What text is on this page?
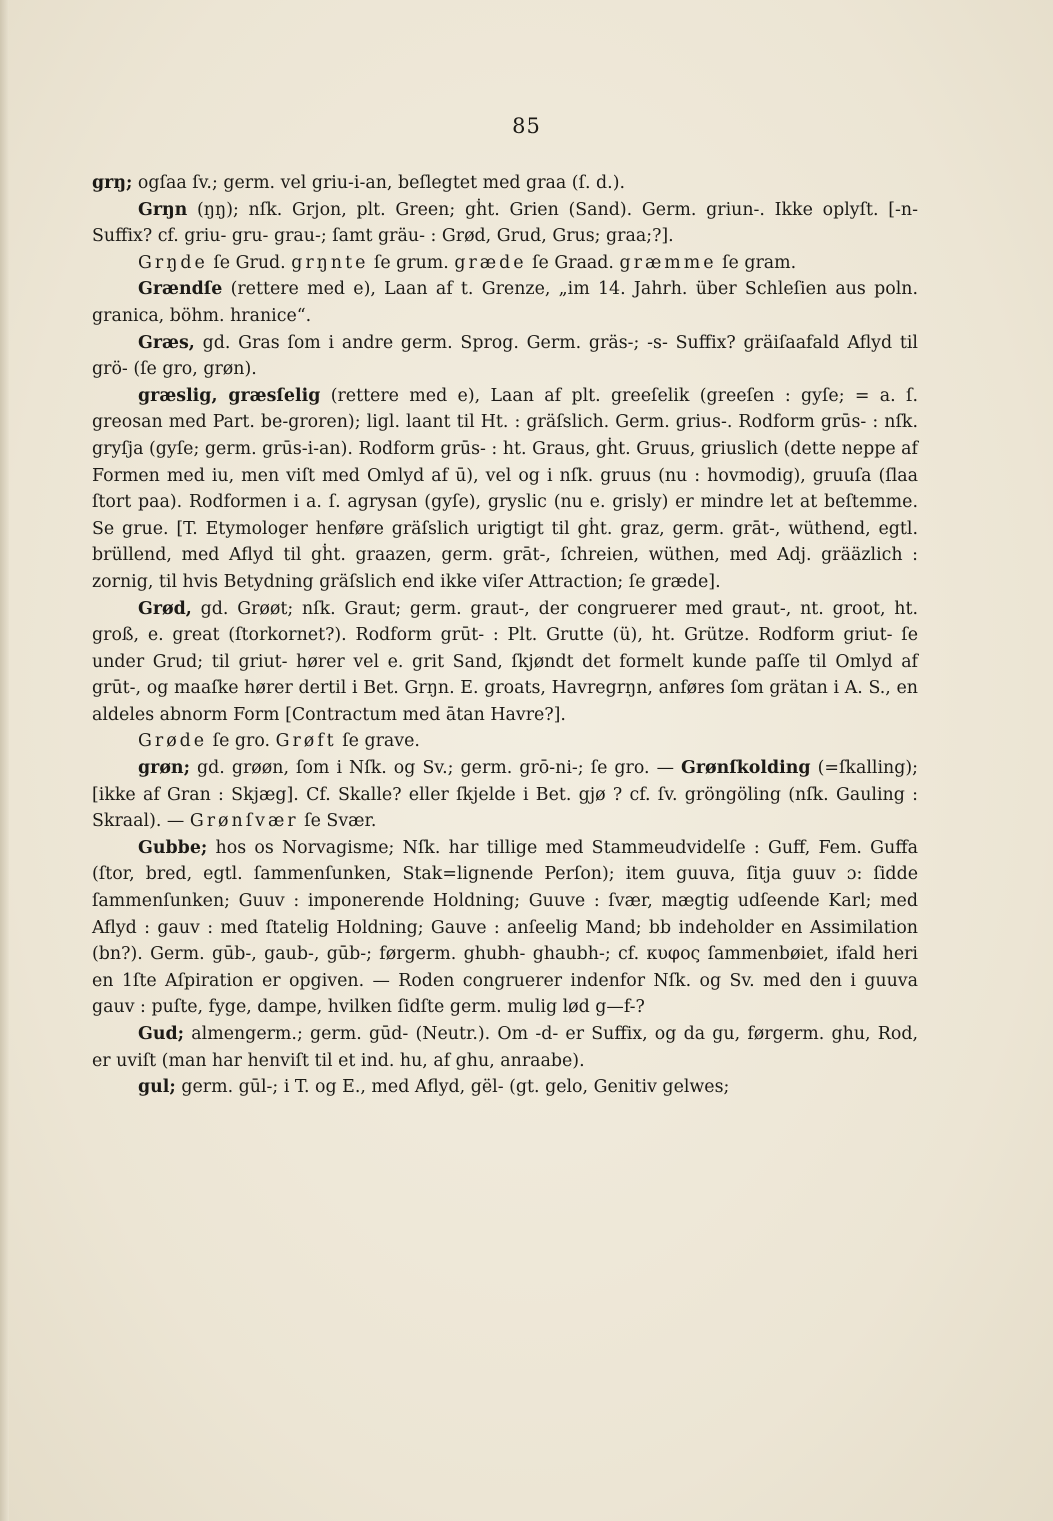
85

grŋ; ogſaa ſv.; germ. vel griu-i-an, beſlegtet med graa (ſ. d.).

Grŋn (ŋŋ); nſk. Grjon, plt. Green; gḣt. Grien (Sand). Germ. griun-. Ikke oplyſt. [-n- Suffix? cf. griu- gru- grau-; ſamt gräu- : Grød, Grud, Grus; graa;?].

Grŋde ſe Grud. grŋnte ſe grum. græde ſe Graad. græmme ſe gram.

Grændſe (rettere med e), Laan af t. Grenze, „im 14. Jahrh. über Schleſien aus poln. granica, böhm. hranice“.

Græs, gd. Gras ſom i andre germ. Sprog. Germ. gräs-; -s- Suffix? gräiſaafald Aflyd til grö- (ſe gro, grøn).

græslig, græsſelig (rettere med e), Laan af plt. greeſelik (greeſen : gyſe; = a. ſ. greosan med Part. be-groren); ligl. laant til Ht. : gräſslich. Germ. grius-. Rodform grūs- : nſk. gryſja (gyſe; germ. grūs-i-an). Rodform grūs- : ht. Graus, gḣt. Gruus, griuslich (dette neppe af Formen med iu, men viſt med Omlyd af ū), vel og i nſk. gruus (nu : hovmodig), gruuſa (ſlaa ſtort paa). Rodformen i a. ſ. agrysan (gyſe), gryslic (nu e. grisly) er mindre let at beſtemme. Se grue. [T. Etymologer henføre gräſslich urigtigt til gḣt. graz, germ. grāt-, wüthend, egtl. brüllend, med Aflyd til gḣt. graazen, germ. grāt-, ſchreien, wüthen, med Adj. grääzlich : zornig, til hvis Betydning gräſslich end ikke viſer Attraction; ſe græde].

Grød, gd. Grøøt; nſk. Graut; germ. graut-, der congruerer med graut-, nt. groot, ht. groß, e. great (ſtorkornet?). Rodform grūt- : Plt. Grutte (ü), ht. Grütze. Rodform griut- ſe under Grud; til griut- hører vel e. grit Sand, ſkjøndt det formelt kunde paſſe til Omlyd af grūt-, og maaſke hører dertil i Bet. Grŋn. E. groats, Havregrŋn, anføres ſom grätan i A. S., en aldeles abnorm Form [Contractum med ātan Havre?].

Grøde ſe gro. Grøft ſe grave.

grøn; gd. grøøn, ſom i Nſk. og Sv.; germ. grō-ni-; ſe gro. — Grønſkolding (=ſkalling); [ikke af Gran : Skjæg]. Cf. Skalle? eller ſkjelde i Bet. gjø ? cf. ſv. gröngöling (nſk. Gauling : Skraal). — Grønſvær ſe Svær.

Gubbe; hos os Norvagisme; Nſk. har tillige med Stammeudvidelſe : Guff, Fem. Guffa (ſtor, bred, egtl. ſammenſunken, Stak=lignende Perſon); item guuva, ſitja guuv ɔ: ſidde ſammenſunken; Guuv : imponerende Holdning; Guuve : ſvær, mægtig udſeende Karl; med Aflyd : gauv : med ſtatelig Holdning; Gauve : anſeelig Mand; bb indeholder en Assimilation (bn?). Germ. gūb-, gaub-, gūb-; førgerm. ghubh- ghaubh-; cf. κυφος ſammenbøiet, ifald heri en 1ſte Aſpiration er opgiven. — Roden congruerer indenfor Nſk. og Sv. med den i guuva gauv : puſte, fyge, dampe, hvilken ſidſte germ. mulig lød g—f-?

Gud; almengerm.; germ. gūd- (Neutr.). Om -d- er Suffix, og da gu, førgerm. ghu, Rod, er uviſt (man har henviſt til et ind. hu, af ghu, anraabe).

gul; germ. gūl-; i T. og E., med Aflyd, gël- (gt. gelo, Genitiv gelwes;
